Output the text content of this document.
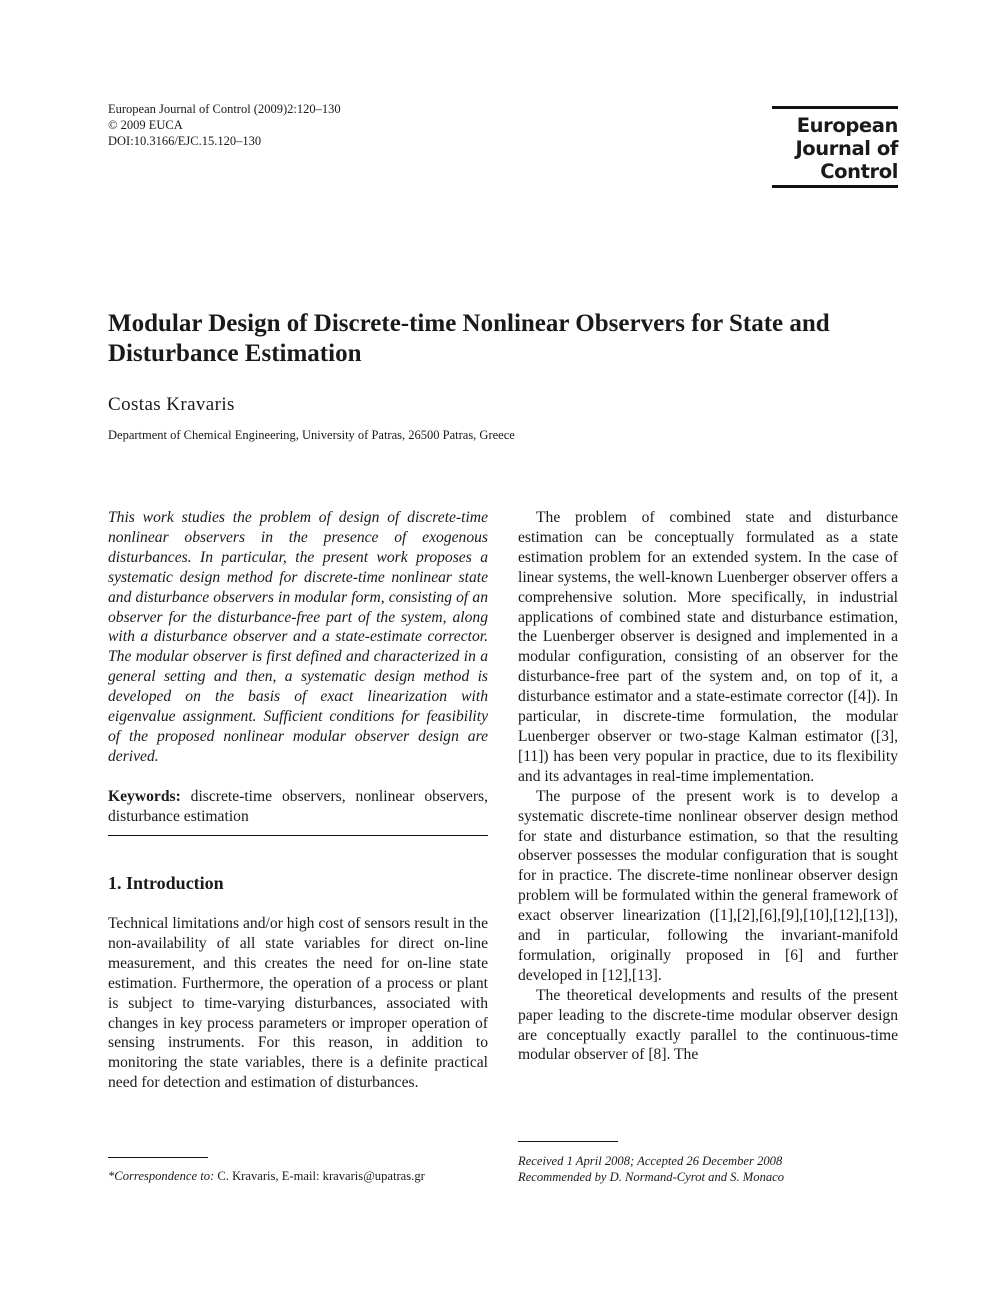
European Journal of Control (2009)2:120–130
© 2009 EUCA
DOI:10.3166/EJC.15.120–130
European
Journal of
Control
Modular Design of Discrete-time Nonlinear Observers for State and Disturbance Estimation
Costas Kravaris
Department of Chemical Engineering, University of Patras, 26500 Patras, Greece
This work studies the problem of design of discrete-time nonlinear observers in the presence of exogenous disturbances. In particular, the present work proposes a systematic design method for discrete-time nonlinear state and disturbance observers in modular form, consisting of an observer for the disturbance-free part of the system, along with a disturbance observer and a state-estimate corrector. The modular observer is first defined and characterized in a general setting and then, a systematic design method is developed on the basis of exact linearization with eigenvalue assignment. Sufficient conditions for feasibility of the proposed nonlinear modular observer design are derived.
Keywords: discrete-time observers, nonlinear observers, disturbance estimation
1. Introduction
Technical limitations and/or high cost of sensors result in the non-availability of all state variables for direct on-line measurement, and this creates the need for on-line state estimation. Furthermore, the operation of a process or plant is subject to time-varying disturbances, associated with changes in key process parameters or improper operation of sensing instruments. For this reason, in addition to monitoring the state variables, there is a definite practical need for detection and estimation of disturbances.

The problem of combined state and disturbance estimation can be conceptually formulated as a state estimation problem for an extended system. In the case of linear systems, the well-known Luenberger observer offers a comprehensive solution. More specifically, in industrial applications of combined state and disturbance estimation, the Luenberger observer is designed and implemented in a modular configuration, consisting of an observer for the disturbance-free part of the system and, on top of it, a disturbance estimator and a state-estimate corrector ([4]). In particular, in discrete-time formulation, the modular Luenberger observer or two-stage Kalman estimator ([3], [11]) has been very popular in practice, due to its flexibility and its advantages in real-time implementation.

The purpose of the present work is to develop a systematic discrete-time nonlinear observer design method for state and disturbance estimation, so that the resulting observer possesses the modular configuration that is sought for in practice. The discrete-time nonlinear observer design problem will be formulated within the general framework of exact observer linearization ([1],[2],[6],[9],[10],[12],[13]), and in particular, following the invariant-manifold formulation, originally proposed in [6] and further developed in [12],[13].

The theoretical developments and results of the present paper leading to the discrete-time modular observer design are conceptually exactly parallel to the continuous-time modular observer of [8]. The

*Correspondence to: C. Kravaris, E-mail: kravaris@upatras.gr
Received 1 April 2008; Accepted 26 December 2008
Recommended by D. Normand-Cyrot and S. Monaco
